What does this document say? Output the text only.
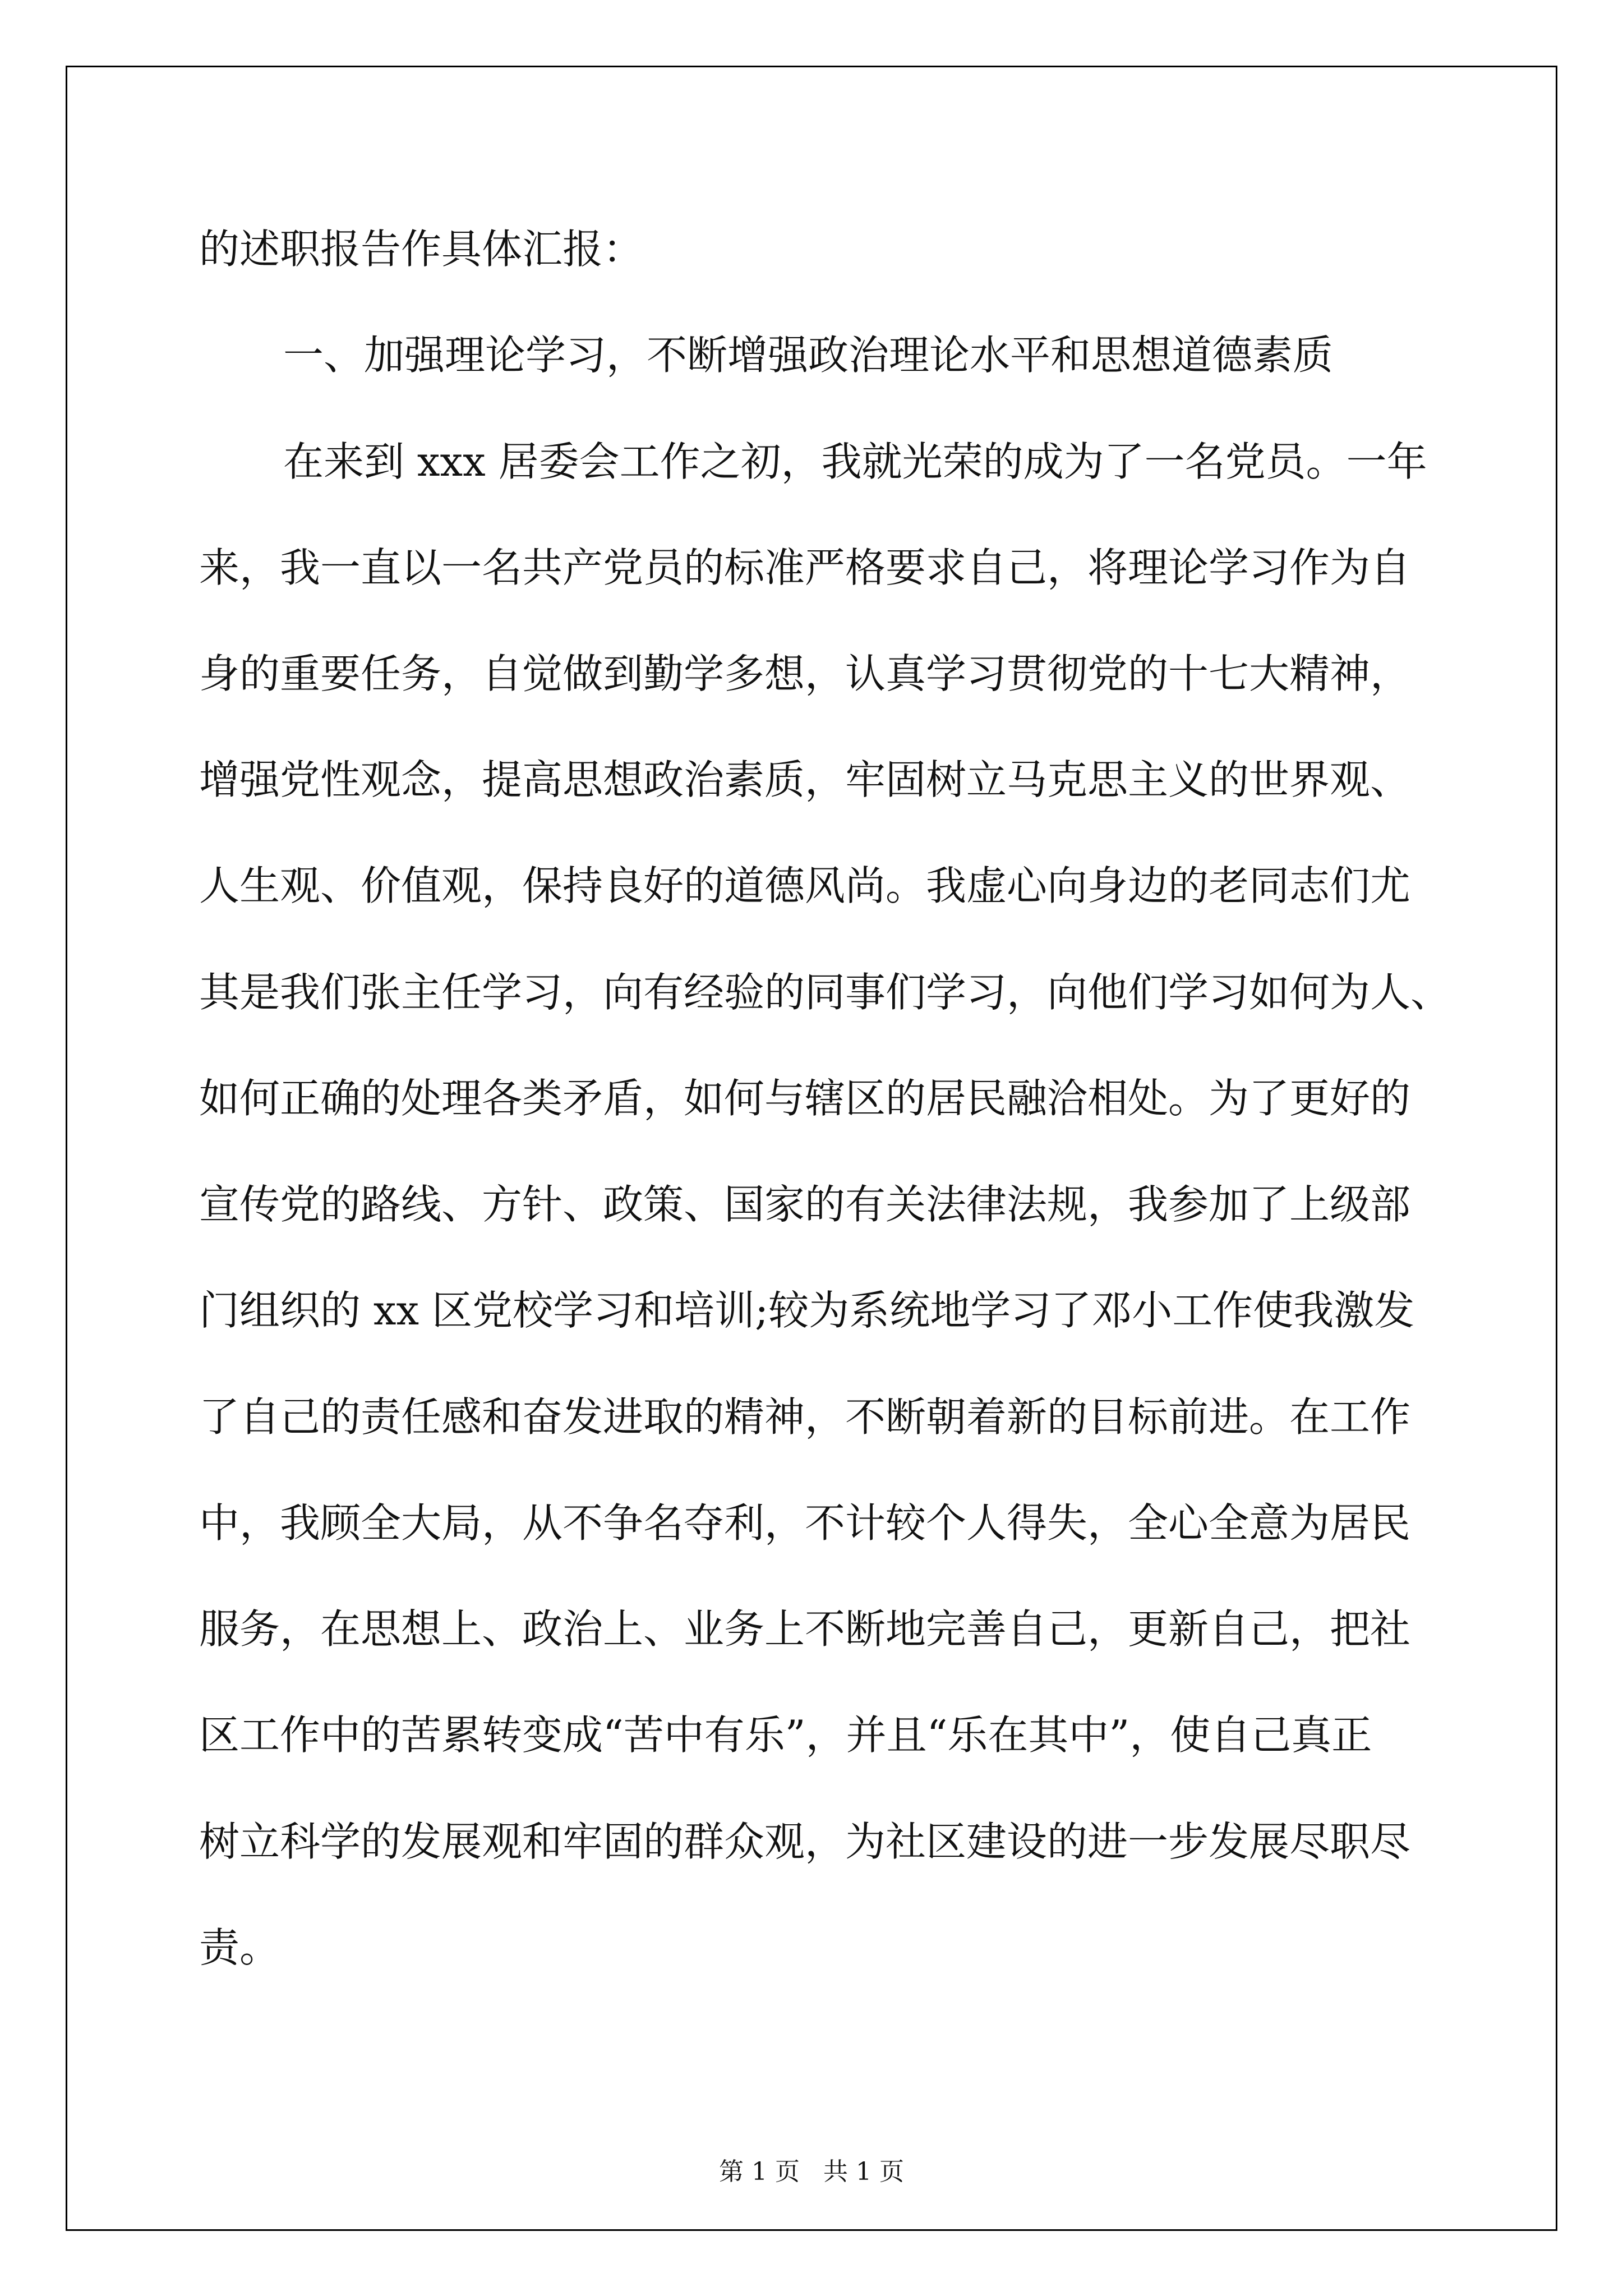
的述职报告作具体汇报：
一、加强理论学习，不断增强政治理论水平和思想道德素质
在来到 xxx 居委会工作之初，我就光荣的成为了一名党员。一年
来，我一直以一名共产党员的标准严格要求自己，将理论学习作为自
身的重要任务，自觉做到勤学多想，认真学习贯彻党的十七大精神，
增强党性观念，提高思想政治素质，牢固树立马克思主义的世界观、
人生观、价值观，保持良好的道德风尚。我虚心向身边的老同志们尤
其是我们张主任学习，向有经验的同事们学习，向他们学习如何为人、
如何正确的处理各类矛盾，如何与辖区的居民融洽相处。为了更好的
宣传党的路线、方针、政策、国家的有关法律法规，我参加了上级部
门组织的 xx 区党校学习和培训;较为系统地学习了邓小工作使我激发
了自己的责任感和奋发进取的精神，不断朝着新的目标前进。在工作
中，我顾全大局，从不争名夺利，不计较个人得失，全心全意为居民
服务，在思想上、政治上、业务上不断地完善自己，更新自己，把社
区工作中的苦累转变成“苦中有乐”，并且“乐在其中”，使自己真正
树立科学的发展观和牢固的群众观，为社区建设的进一步发展尽职尽
责。
第 1 页 共 1 页
